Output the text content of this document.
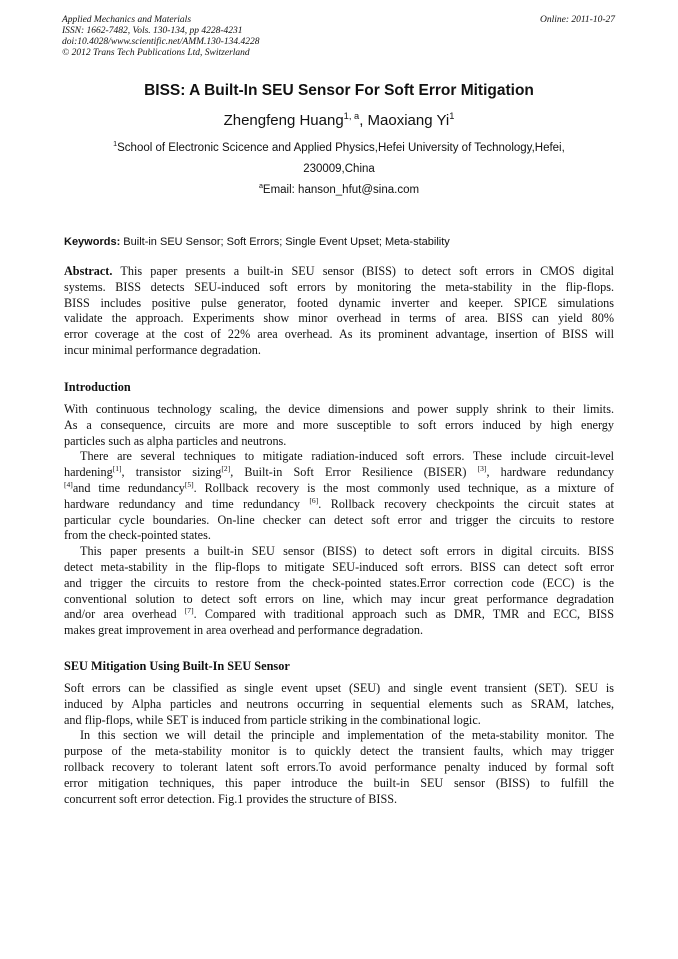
Applied Mechanics and Materials
ISSN: 1662-7482, Vols. 130-134, pp 4228-4231
doi:10.4028/www.scientific.net/AMM.130-134.4228
© 2012 Trans Tech Publications Ltd, Switzerland
Online: 2011-10-27
BISS: A Built-In SEU Sensor For Soft Error Mitigation
Zhengfeng Huang$^{1, a}$, Maoxiang Yi$^1$
$^1$School of Electronic Scicence and Applied Physics,Hefei University of Technology,Hefei,
230009,China
$^a$Email: hanson_hfut@sina.com
Keywords: Built-in SEU Sensor; Soft Errors; Single Event Upset; Meta-stability

Abstract. This paper presents a built-in SEU sensor (BISS) to detect soft errors in CMOS digital

systems. BISS detects SEU-induced soft errors by monitoring the meta-stability in the flip-flops.

BISS includes positive pulse generator, footed dynamic inverter and keeper. SPICE simulations

validate the approach. Experiments show minor overhead in terms of area. BISS can yield 80%

error coverage at the cost of 22% area overhead. As its prominent advantage, insertion of BISS will

incur minimal performance degradation.

Introduction

With continuous technology scaling, the device dimensions and power supply shrink to their limits.

As a consequence, circuits are more and more susceptible to soft errors induced by high energy

particles such as alpha particles and neutrons.

There are several techniques to mitigate radiation-induced soft errors. These include circuit-level

hardening[1], transistor sizing[2], Built-in Soft Error Resilience (BISER) [3], hardware redundancy

[4]and time redundancy[5]. Rollback recovery is the most commonly used technique, as a mixture of

hardware redundancy and time redundancy [6]. Rollback recovery checkpoints the circuit states at

particular cycle boundaries. On-line checker can detect soft error and trigger the circuits to restore

from the check-pointed states.

This paper presents a built-in SEU sensor (BISS) to detect soft errors in digital circuits. BISS

detect meta-stability in the flip-flops to mitigate SEU-induced soft errors. BISS can detect soft error

and trigger the circuits to restore from the check-pointed states.Error correction code (ECC) is the

conventional solution to detect soft errors on line, which may incur great performance degradation

and/or area overhead [7]. Compared with traditional approach such as DMR, TMR and ECC, BISS

makes great improvement in area overhead and performance degradation.

SEU Mitigation Using Built-In SEU Sensor

Soft errors can be classified as single event upset (SEU) and single event transient (SET). SEU is

induced by Alpha particles and neutrons occurring in sequential elements such as SRAM, latches,

and flip-flops, while SET is induced from particle striking in the combinational logic.

In this section we will detail the principle and implementation of the meta-stability monitor. The

purpose of the meta-stability monitor is to quickly detect the transient faults, which may trigger

rollback recovery to tolerant latent soft errors.To avoid performance penalty induced by formal soft

error mitigation techniques, this paper introduce the built-in SEU sensor (BISS) to fulfill the

concurrent soft error detection. Fig.1 provides the structure of BISS.
